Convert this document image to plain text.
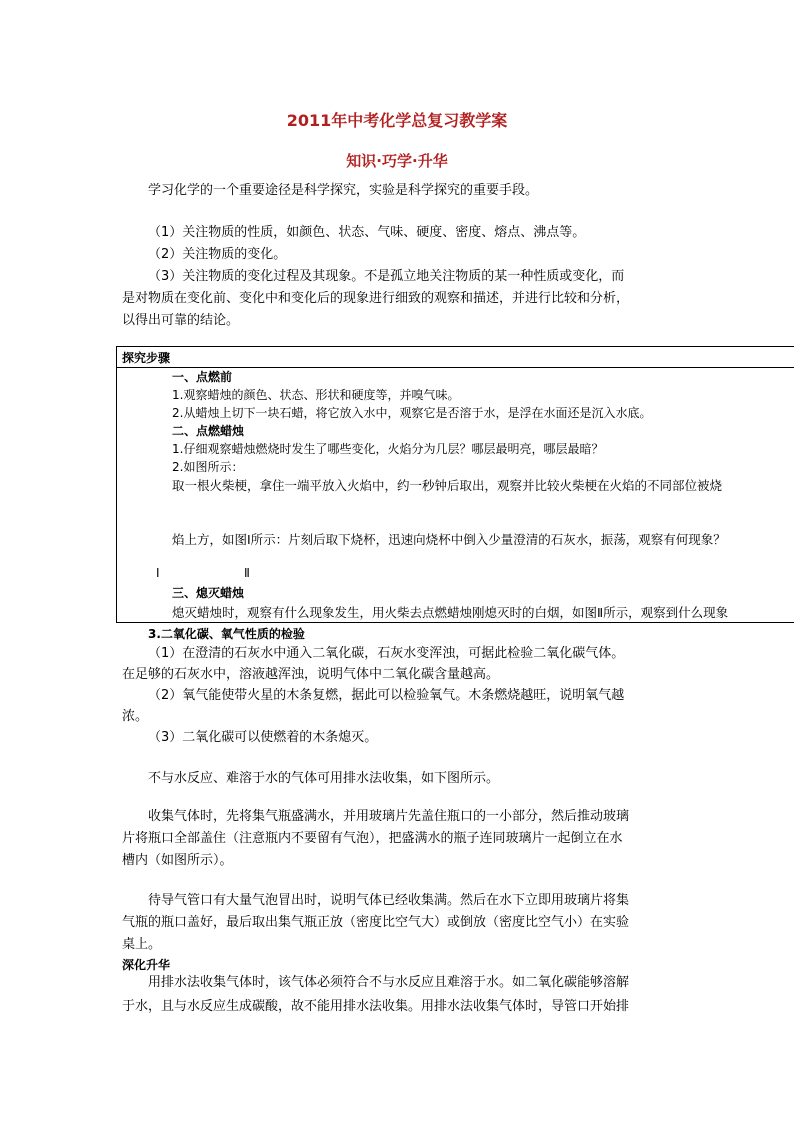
2011年中考化学总复习教学案
知识·巧学·升华
学习化学的一个重要途径是科学探究，实验是科学探究的重要手段。
（1）关注物质的性质，如颜色、状态、气味、硬度、密度、熔点、沸点等。
（2）关注物质的变化。
（3）关注物质的变化过程及其现象。不是孤立地关注物质的某一种性质或变化，而
是对物质在变化前、变化中和变化后的现象进行细致的观察和描述，并进行比较和分析，
以得出可靠的结论。
探究步骤
一、点燃前
1.观察蜡烛的颜色、状态、形状和硬度等，并嗅气味。
2.从蜡烛上切下一块石蜡，将它放入水中，观察它是否溶于水，是浮在水面还是沉入水底。
二、点燃蜡烛
1.仔细观察蜡烛燃烧时发生了哪些变化，火焰分为几层？哪层最明亮，哪层最暗？
2.如图所示：
取一根火柴梗，拿住一端平放入火焰中，约一秒钟后取出，观察并比较火柴梗在火焰的不同部位被烧
焰上方，如图Ⅰ所示：片刻后取下烧杯，迅速向烧杯中倒入少量澄清的石灰水，振荡，观察有何现象？
Ⅰ	Ⅱ
三、熄灭蜡烛
熄灭蜡烛时，观察有什么现象发生，用火柴去点燃蜡烛刚熄灭时的白烟，如图Ⅱ所示，观察到什么现象
3.二氧化碳、氧气性质的检验
（1）在澄清的石灰水中通入二氧化碳，石灰水变浑浊，可据此检验二氧化碳气体。
在足够的石灰水中，溶液越浑浊，说明气体中二氧化碳含量越高。
（2）氧气能使带火星的木条复燃，据此可以检验氧气。木条燃烧越旺，说明氧气越
浓。
（3）二氧化碳可以使燃着的木条熄灭。
不与水反应、难溶于水的气体可用排水法收集，如下图所示。
收集气体时，先将集气瓶盛满水，并用玻璃片先盖住瓶口的一小部分，然后推动玻璃
片将瓶口全部盖住（注意瓶内不要留有气泡），把盛满水的瓶子连同玻璃片一起倒立在水
槽内（如图所示）。
待导气管口有大量气泡冒出时，说明气体已经收集满。然后在水下立即用玻璃片将集
气瓶的瓶口盖好，最后取出集气瓶正放（密度比空气大）或倒放（密度比空气小）在实验
桌上。
深化升华
用排水法收集气体时，该气体必须符合不与水反应且难溶于水。如二氧化碳能够溶解
于水，且与水反应生成碳酸，故不能用排水法收集。用排水法收集气体时，导管口开始排
